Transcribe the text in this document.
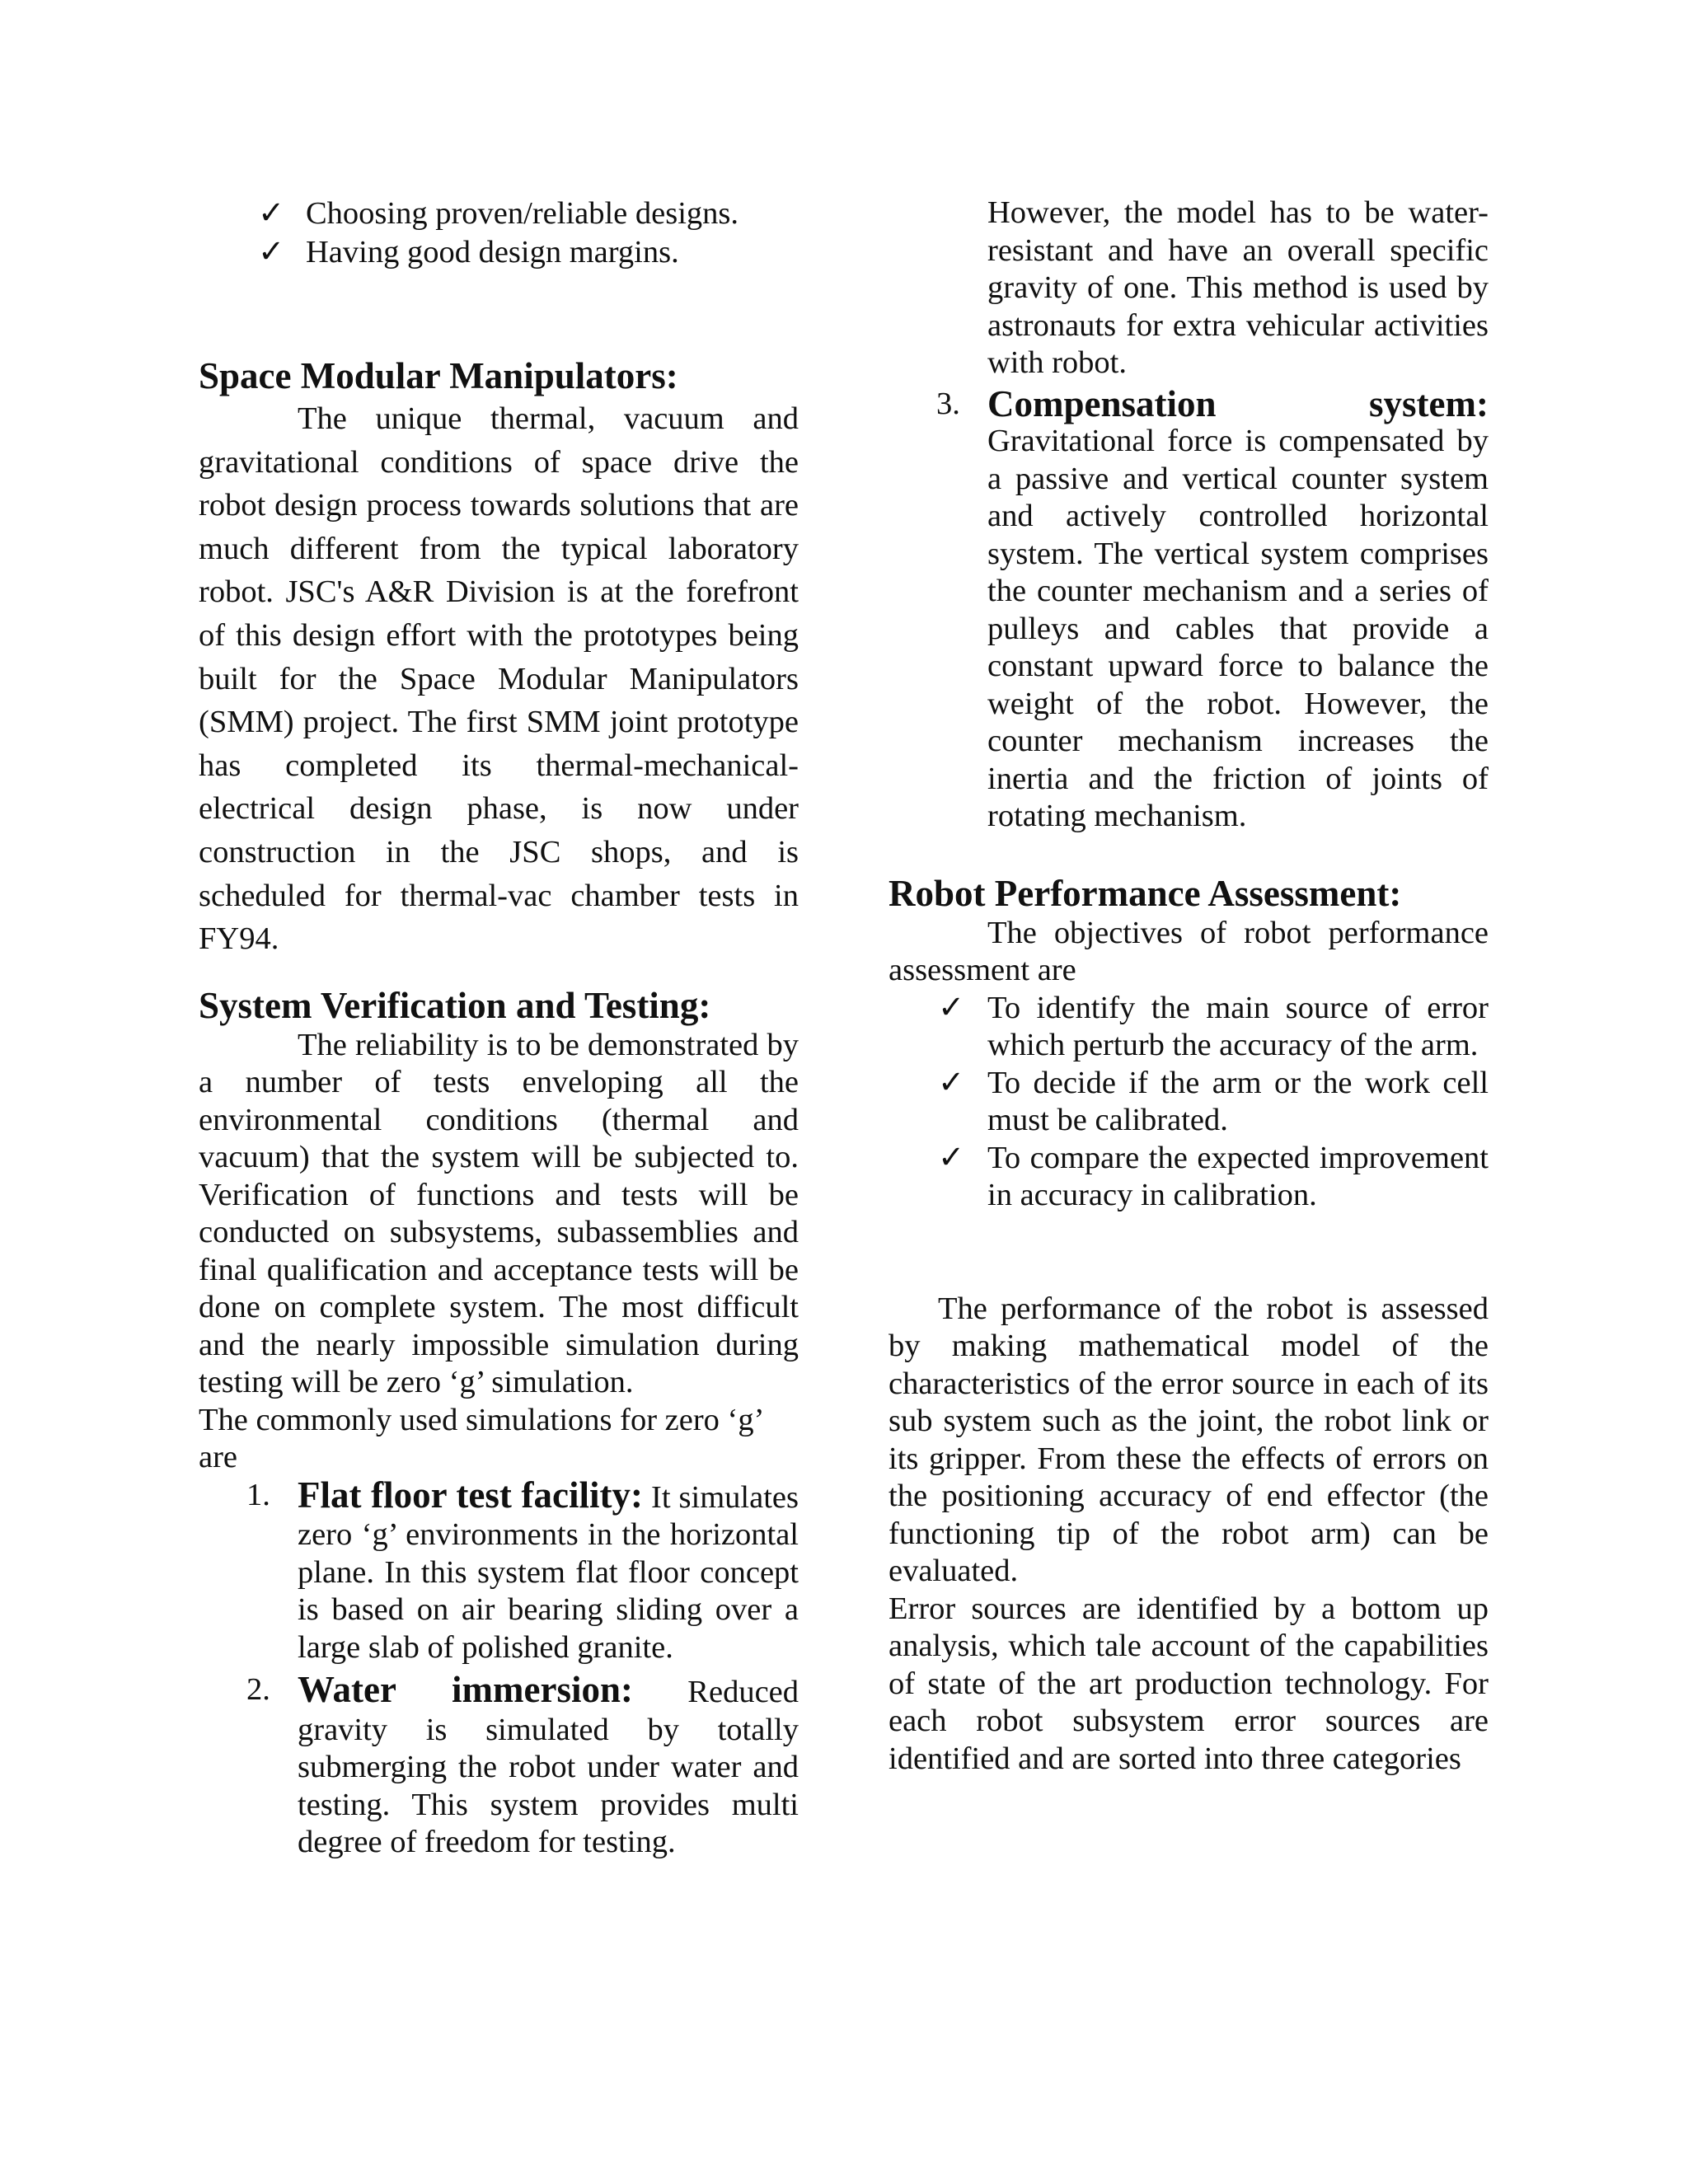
✓ Choosing proven/reliable designs.
✓ Having good design margins.
Space Modular Manipulators:

The unique thermal, vacuum and gravitational conditions of space drive the robot design process towards solutions that are much different from the typical laboratory robot. JSC's A&R Division is at the forefront of this design effort with the prototypes being built for the Space Modular Manipulators (SMM) project. The first SMM joint prototype has completed its thermal-mechanical-electrical design phase, is now under construction in the JSC shops, and is scheduled for thermal-vac chamber tests in FY94.

System Verification and Testing:

The reliability is to be demonstrated by a number of tests enveloping all the environmental conditions (thermal and vacuum) that the system will be subjected to. Verification of functions and tests will be conducted on subsystems, subassemblies and final qualification and acceptance tests will be done on complete system. The most difficult and the nearly impossible simulation during testing will be zero ‘g’ simulation.

The commonly used simulations for zero ‘g’ are

1. Flat floor test facility: It simulates zero ‘g’ environments in the horizontal plane. In this system flat floor concept is based on air bearing sliding over a large slab of polished granite.
2. Water immersion: Reduced gravity is simulated by totally submerging the robot under water and testing. This system provides multi degree of freedom for testing.

However, the model has to be water-resistant and have an overall specific gravity of one. This method is used by astronauts for extra vehicular activities with robot.

3. Compensation	system:
Gravitational force is compensated by a passive and vertical counter system and actively controlled horizontal system. The vertical system comprises the counter mechanism and a series of pulleys and cables that provide a constant upward force to balance the weight of the robot. However, the counter mechanism increases the inertia and the friction of joints of rotating mechanism.
Robot Performance Assessment:

The objectives of robot performance assessment are

✓ To identify the main source of error which perturb the accuracy of the arm.
✓ To decide if the arm or the work cell must be calibrated.
✓ To compare the expected improvement in accuracy in calibration.

The performance of the robot is assessed by making mathematical model of the characteristics of the error source in each of its sub system such as the joint, the robot link or its gripper. From these the effects of errors on the positioning accuracy of end effector (the functioning tip of the robot arm) can be evaluated.

Error sources are identified by a bottom up analysis, which tale account of the capabilities of state of the art production technology. For each robot subsystem error sources are identified and are sorted into three categories
